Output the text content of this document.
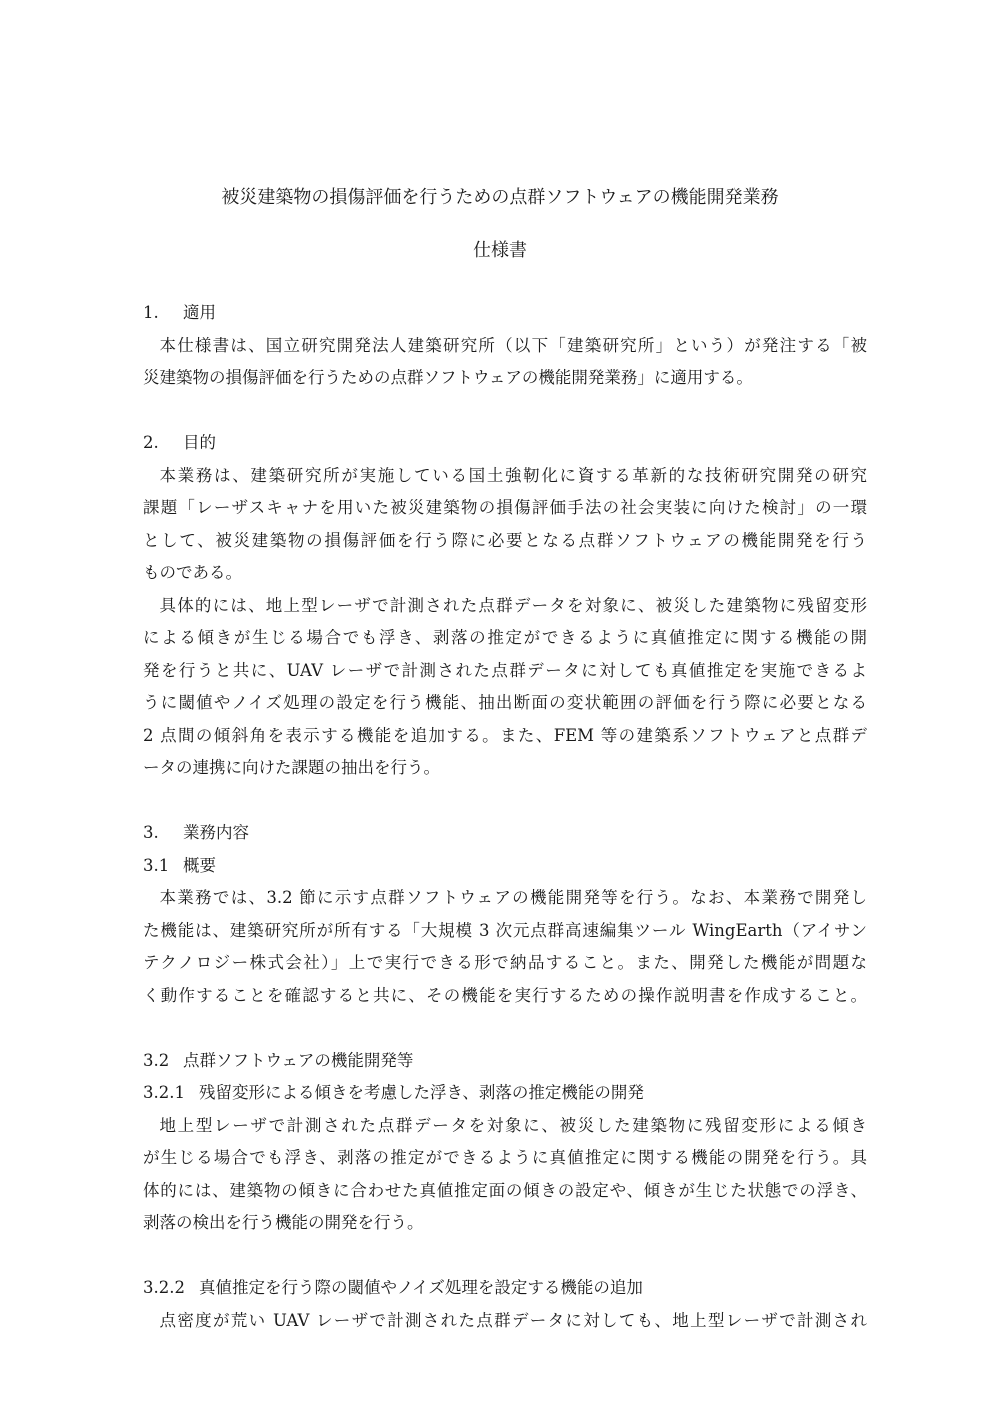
被災建築物の損傷評価を行うための点群ソフトウェアの機能開発業務
仕様書
1. 適用
本仕様書は、国立研究開発法人建築研究所（以下「建築研究所」という）が発注する「被
災建築物の損傷評価を行うための点群ソフトウェアの機能開発業務」に適用する。
2. 目的
本業務は、建築研究所が実施している国土強靭化に資する革新的な技術研究開発の研究
課題「レーザスキャナを用いた被災建築物の損傷評価手法の社会実装に向けた検討」の一環
として、被災建築物の損傷評価を行う際に必要となる点群ソフトウェアの機能開発を行う
ものである。
具体的には、地上型レーザで計測された点群データを対象に、被災した建築物に残留変形
による傾きが生じる場合でも浮き、剥落の推定ができるように真値推定に関する機能の開
発を行うと共に、UAV レーザで計測された点群データに対しても真値推定を実施できるよ
うに閾値やノイズ処理の設定を行う機能、抽出断面の変状範囲の評価を行う際に必要となる
2 点間の傾斜角を表示する機能を追加する。また、FEM 等の建築系ソフトウェアと点群デ
ータの連携に向けた課題の抽出を行う。
3. 業務内容
3.1 概要
本業務では、3.2 節に示す点群ソフトウェアの機能開発等を行う。なお、本業務で開発し
た機能は、建築研究所が所有する「大規模 3 次元点群高速編集ツール WingEarth（アイサン
テクノロジー株式会社）」上で実行できる形で納品すること。また、開発した機能が問題な
く動作することを確認すると共に、その機能を実行するための操作説明書を作成すること。
3.2 点群ソフトウェアの機能開発等
3.2.1 残留変形による傾きを考慮した浮き、剥落の推定機能の開発
地上型レーザで計測された点群データを対象に、被災した建築物に残留変形による傾き
が生じる場合でも浮き、剥落の推定ができるように真値推定に関する機能の開発を行う。具
体的には、建築物の傾きに合わせた真値推定面の傾きの設定や、傾きが生じた状態での浮き、
剥落の検出を行う機能の開発を行う。
3.2.2 真値推定を行う際の閾値やノイズ処理を設定する機能の追加
点密度が荒い UAV レーザで計測された点群データに対しても、地上型レーザで計測され
